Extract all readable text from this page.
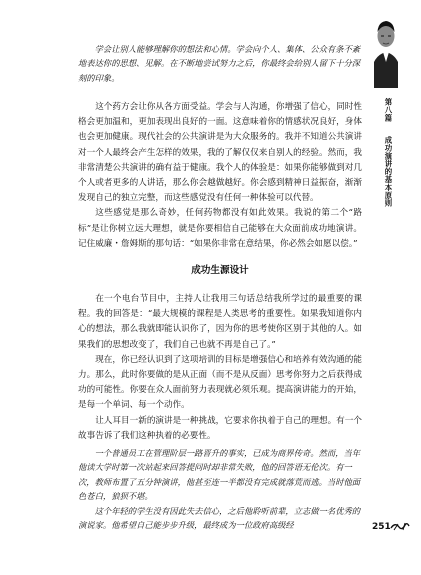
学会让别人能够理解你的想法和心情。学会向个人、集体、公众有条不紊地表达你的思想、见解。在不断地尝试努力之后，你最终会给别人留下十分深刻的印象。

这个药方会让你从各方面受益。学会与人沟通，你增强了信心，同时性格会更加温和，更加表现出良好的一面。这意味着你的情感状况良好，身体也会更加健康。现代社会的公共演讲是为大众服务的。我并不知道公共演讲对一个人最终会产生怎样的效果，我的了解仅仅来自别人的经验。然而，我非常清楚公共演讲的确有益于健康。我个人的体验是：如果你能够做到对几个人或者更多的人讲话，那么你会越做越好。你会感到精神日益振奋，渐渐发现自己的独立完整，而这些感觉没有任何一种体验可以代替。

这些感觉是那么奇妙，任何药物都没有如此效果。我说的第二个“路标”是让你树立远大理想，就是你要相信自己能够在大众面前成功地演讲。记住威廉・詹姆斯的那句话：“如果你非常在意结果，你必然会如愿以偿。”

成功生源设计

在一个电台节目中，主持人让我用三句话总结我所学过的最重要的课程。我的回答是：“最大规模的课程是人类思考的重要性。如果我知道你内心的想法，那么我就即能认识你了，因为你的思考使你区别于其他的人。如果我们的思想改变了，我们自己也就不再是自己了。”

现在，你已经认识到了这项培训的目标是增强信心和培养有效沟通的能力。那么，此时你要做的是从正面（而不是从反面）思考你努力之后获得成功的可能性。你要在众人面前努力表现就必须乐观。提高演讲能力的开始，是每一个单词、每一个动作。

让人耳目一新的演讲是一种挑战，它要求你执着于自己的理想。有一个故事告诉了我们这种执着的必要性。

一个普通员工在管理阶层一路晋升的事实，已成为商界传奇。然而，当年他读大学时第一次站起来回答提问时却非常失败，他的回答语无伦次。有一次，教师布置了五分钟演讲，他甚至连一半都没有完成就落荒而逃。当时他面色苍白，狼狈不堪。

这个年轻的学生没有因此失去信心，之后他聆听前辈，立志做一名优秀的演说家。他希望自己能步步升级，最终成为一位政府高级经

第八篇
成功演讲的基本原则
251
